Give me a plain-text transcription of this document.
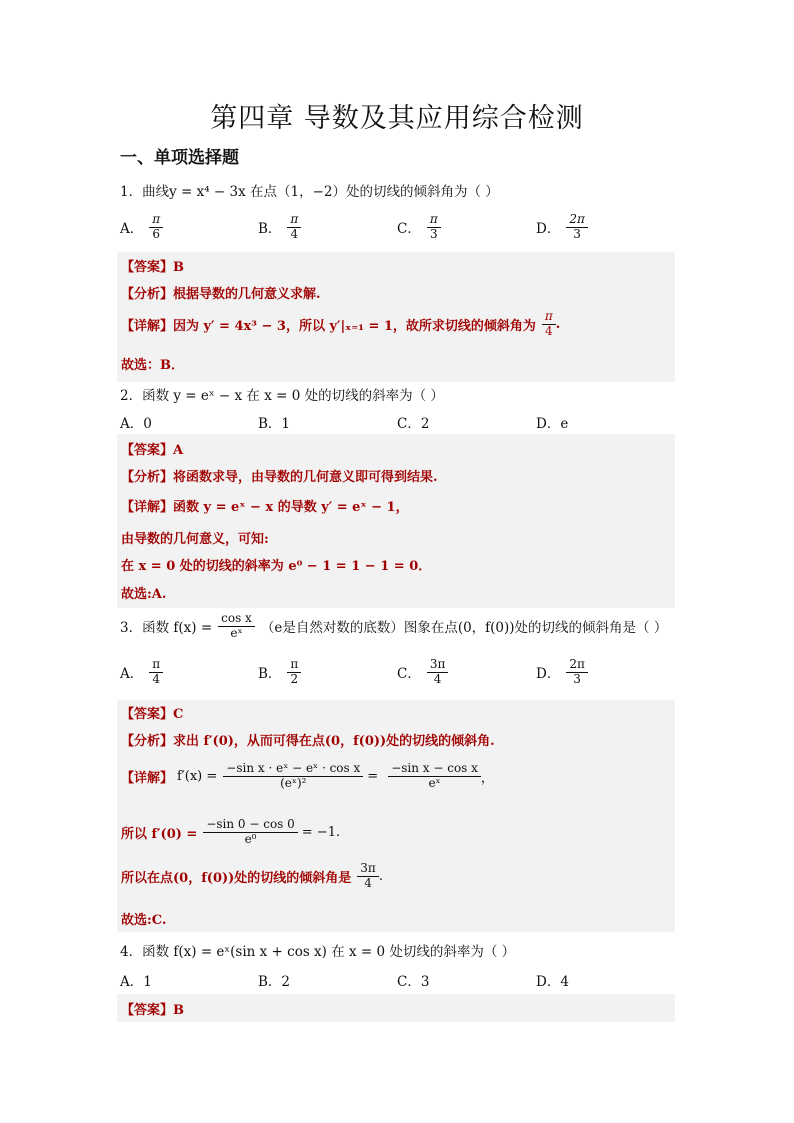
第四章 导数及其应用综合检测
一、单项选择题
1．曲线y = x⁴ − 3x 在点（1，−2）处的切线的倾斜角为（ ）
A． $\frac{\pi}{6}$	B． $\frac{\pi}{4}$	C． $\frac{\pi}{3}$	D． $\frac{2\pi}{3}$
【答案】B
【分析】根据导数的几何意义求解.
【详解】 因为 y′ = 4x³ − 3，所以 y′|ₓ₌₁ = 1，故所求切线的倾斜角为 $\frac{\pi}{4}$ .
故选：B．
2．函数 y = eˣ − x 在 x = 0 处的切线的斜率为（ ）
A．0	B．1	C．2	D．e
【答案】A
【分析】将函数求导，由导数的几何意义即可得到结果.
【详解】函数 y = eˣ − x 的导数 y′ = eˣ − 1，
由导数的几何意义，可知:
在 x = 0 处的切线的斜率为 e⁰ − 1 = 1 − 1 = 0．
故选:A.
3．函数 $f(x) = \frac{\text{cos x}}{\text{eˣ}} (e$是自然对数的底数）图象在点(0，f(0))处的切线的倾斜角是（ ）
A． $\frac{\pi}{4}$	B． $\frac{\pi}{2}$	C． $\frac{3\pi}{4}$	D． $\frac{2\pi}{3}$
【答案】C
【分析】求出 f′(0)，从而可得在点(0，f(0))处的切线的倾斜角.
【详解】 $f'(x) = \frac{\text{−sin x · eˣ − eˣ · cos x}}{\text{(eˣ)²}} = \frac{\text{−sin x − cos x}}{\text{eˣ}}$ ，
所以 $f'(0) = \frac{-\sin 0 - \cos 0}{\text{e⁰}} = -1$.
所以在点(0，f(0))处的切线的倾斜角是 $\frac{3\pi}{4}$ .
故选:C.
4．函数 f(x) = eˣ(sin x + cos x) 在 x = 0 处切线的斜率为（ ）
A．1	B．2	C．3	D．4
【答案】B
